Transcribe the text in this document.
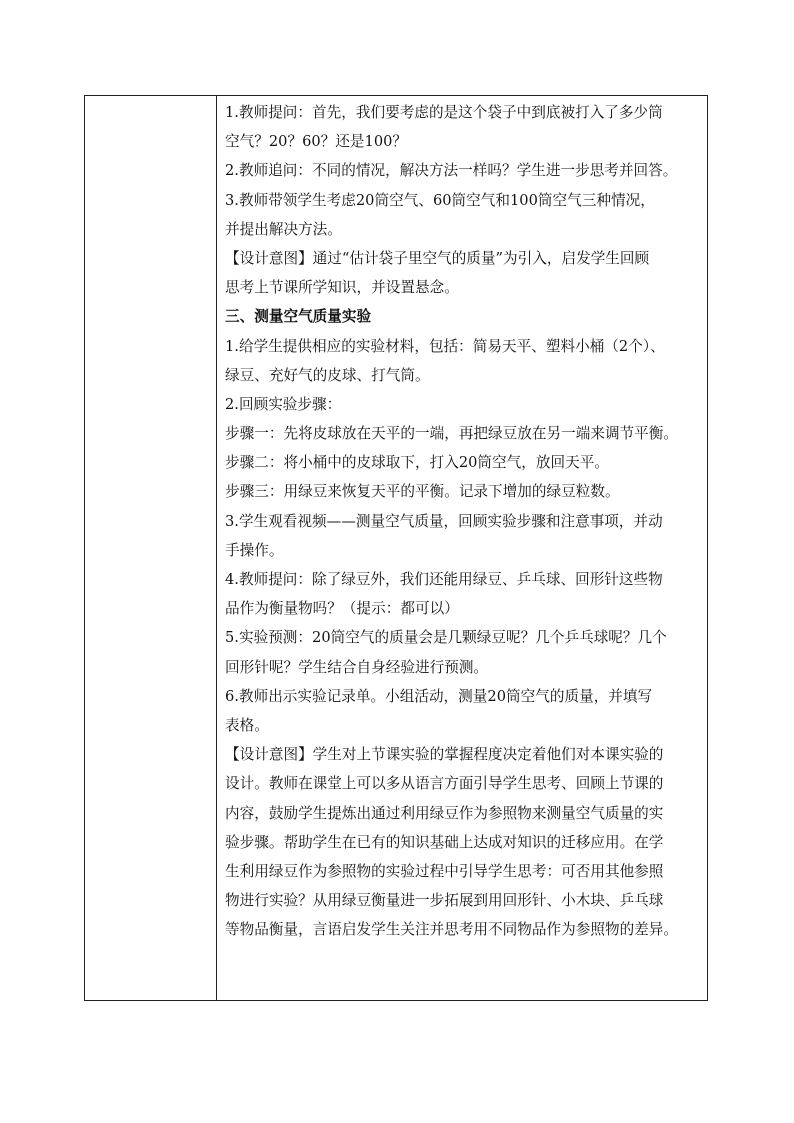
1.教师提问：首先，我们要考虑的是这个袋子中到底被打入了多少筒
空气？20？60？还是100？
2.教师追问：不同的情况，解决方法一样吗？学生进一步思考并回答。
3.教师带领学生考虑20筒空气、60筒空气和100筒空气三种情况，
并提出解决方法。
【设计意图】通过“估计袋子里空气的质量”为引入，启发学生回顾
思考上节课所学知识，并设置悬念。
三、测量空气质量实验
1.给学生提供相应的实验材料，包括：简易天平、塑料小桶（2个）、
绿豆、充好气的皮球、打气筒。
2.回顾实验步骤：
步骤一：先将皮球放在天平的一端，再把绿豆放在另一端来调节平衡。
步骤二：将小桶中的皮球取下，打入20筒空气，放回天平。
步骤三：用绿豆来恢复天平的平衡。记录下增加的绿豆粒数。
3.学生观看视频——测量空气质量，回顾实验步骤和注意事项，并动
手操作。
4.教师提问：除了绿豆外，我们还能用绿豆、乒乓球、回形针这些物
品作为衡量物吗？（提示：都可以）
5.实验预测：20筒空气的质量会是几颗绿豆呢？几个乒乓球呢？几个
回形针呢？学生结合自身经验进行预测。
6.教师出示实验记录单。小组活动，测量20筒空气的质量，并填写
表格。
【设计意图】学生对上节课实验的掌握程度决定着他们对本课实验的
设计。教师在课堂上可以多从语言方面引导学生思考、回顾上节课的
内容，鼓励学生提炼出通过利用绿豆作为参照物来测量空气质量的实
验步骤。帮助学生在已有的知识基础上达成对知识的迁移应用。在学
生利用绿豆作为参照物的实验过程中引导学生思考：可否用其他参照
物进行实验？从用绿豆衡量进一步拓展到用回形针、小木块、乒乓球
等物品衡量，言语启发学生关注并思考用不同物品作为参照物的差异。
